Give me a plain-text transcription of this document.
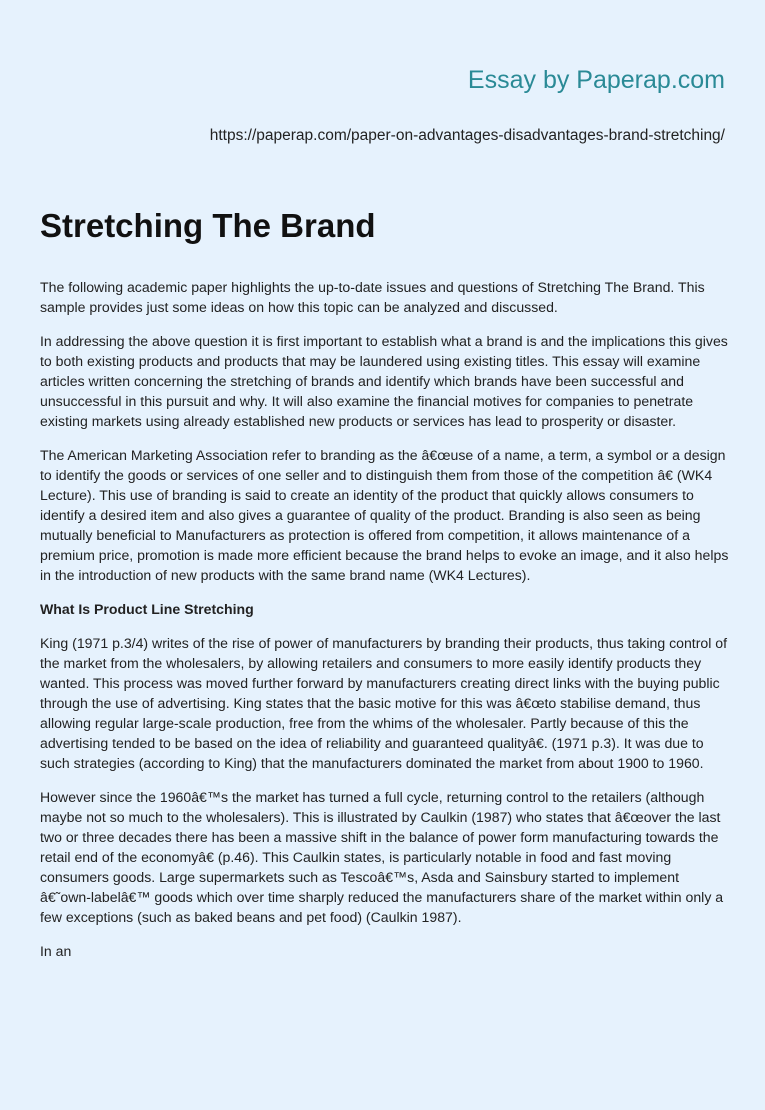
Essay by Paperap.com
https://paperap.com/paper-on-advantages-disadvantages-brand-stretching/
Stretching The Brand

The following academic paper highlights the up-to-date issues and questions of Stretching The Brand. This sample provides just some ideas on how this topic can be analyzed and discussed.

In addressing the above question it is first important to establish what a brand is and the implications this gives to both existing products and products that may be laundered using existing titles. This essay will examine articles written concerning the stretching of brands and identify which brands have been successful and unsuccessful in this pursuit and why. It will also examine the financial motives for companies to penetrate existing markets using already established new products or services has lead to prosperity or disaster.

The American Marketing Association refer to branding as the â€œuse of a name, a term, a symbol or a design to identify the goods or services of one seller and to distinguish them from those of the competition â€ (WK4 Lecture). This use of branding is said to create an identity of the product that quickly allows consumers to identify a desired item and also gives a guarantee of quality of the product. Branding is also seen as being mutually beneficial to Manufacturers as protection is offered from competition, it allows maintenance of a premium price, promotion is made more efficient because the brand helps to evoke an image, and it also helps in the introduction of new products with the same brand name (WK4 Lectures).

What Is Product Line Stretching

King (1971 p.3/4) writes of the rise of power of manufacturers by branding their products, thus taking control of the market from the wholesalers, by allowing retailers and consumers to more easily identify products they wanted. This process was moved further forward by manufacturers creating direct links with the buying public through the use of advertising. King states that the basic motive for this was â€œto stabilise demand, thus allowing regular large-scale production, free from the whims of the wholesaler. Partly because of this the advertising tended to be based on the idea of reliability and guaranteed qualityâ€. (1971 p.3). It was due to such strategies (according to King) that the manufacturers dominated the market from about 1900 to 1960.

However since the 1960â€™s the market has turned a full cycle, returning control to the retailers (although maybe not so much to the wholesalers). This is illustrated by Caulkin (1987) who states that â€œover the last two or three decades there has been a massive shift in the balance of power form manufacturing towards the retail end of the economyâ€ (p.46). This Caulkin states, is particularly notable in food and fast moving consumers goods. Large supermarkets such as Tescoâ€™s, Asda and Sainsbury started to implement â€˜own-labelâ€™ goods which over time sharply reduced the manufacturers share of the market within only a few exceptions (such as baked beans and pet food) (Caulkin 1987).

In an
